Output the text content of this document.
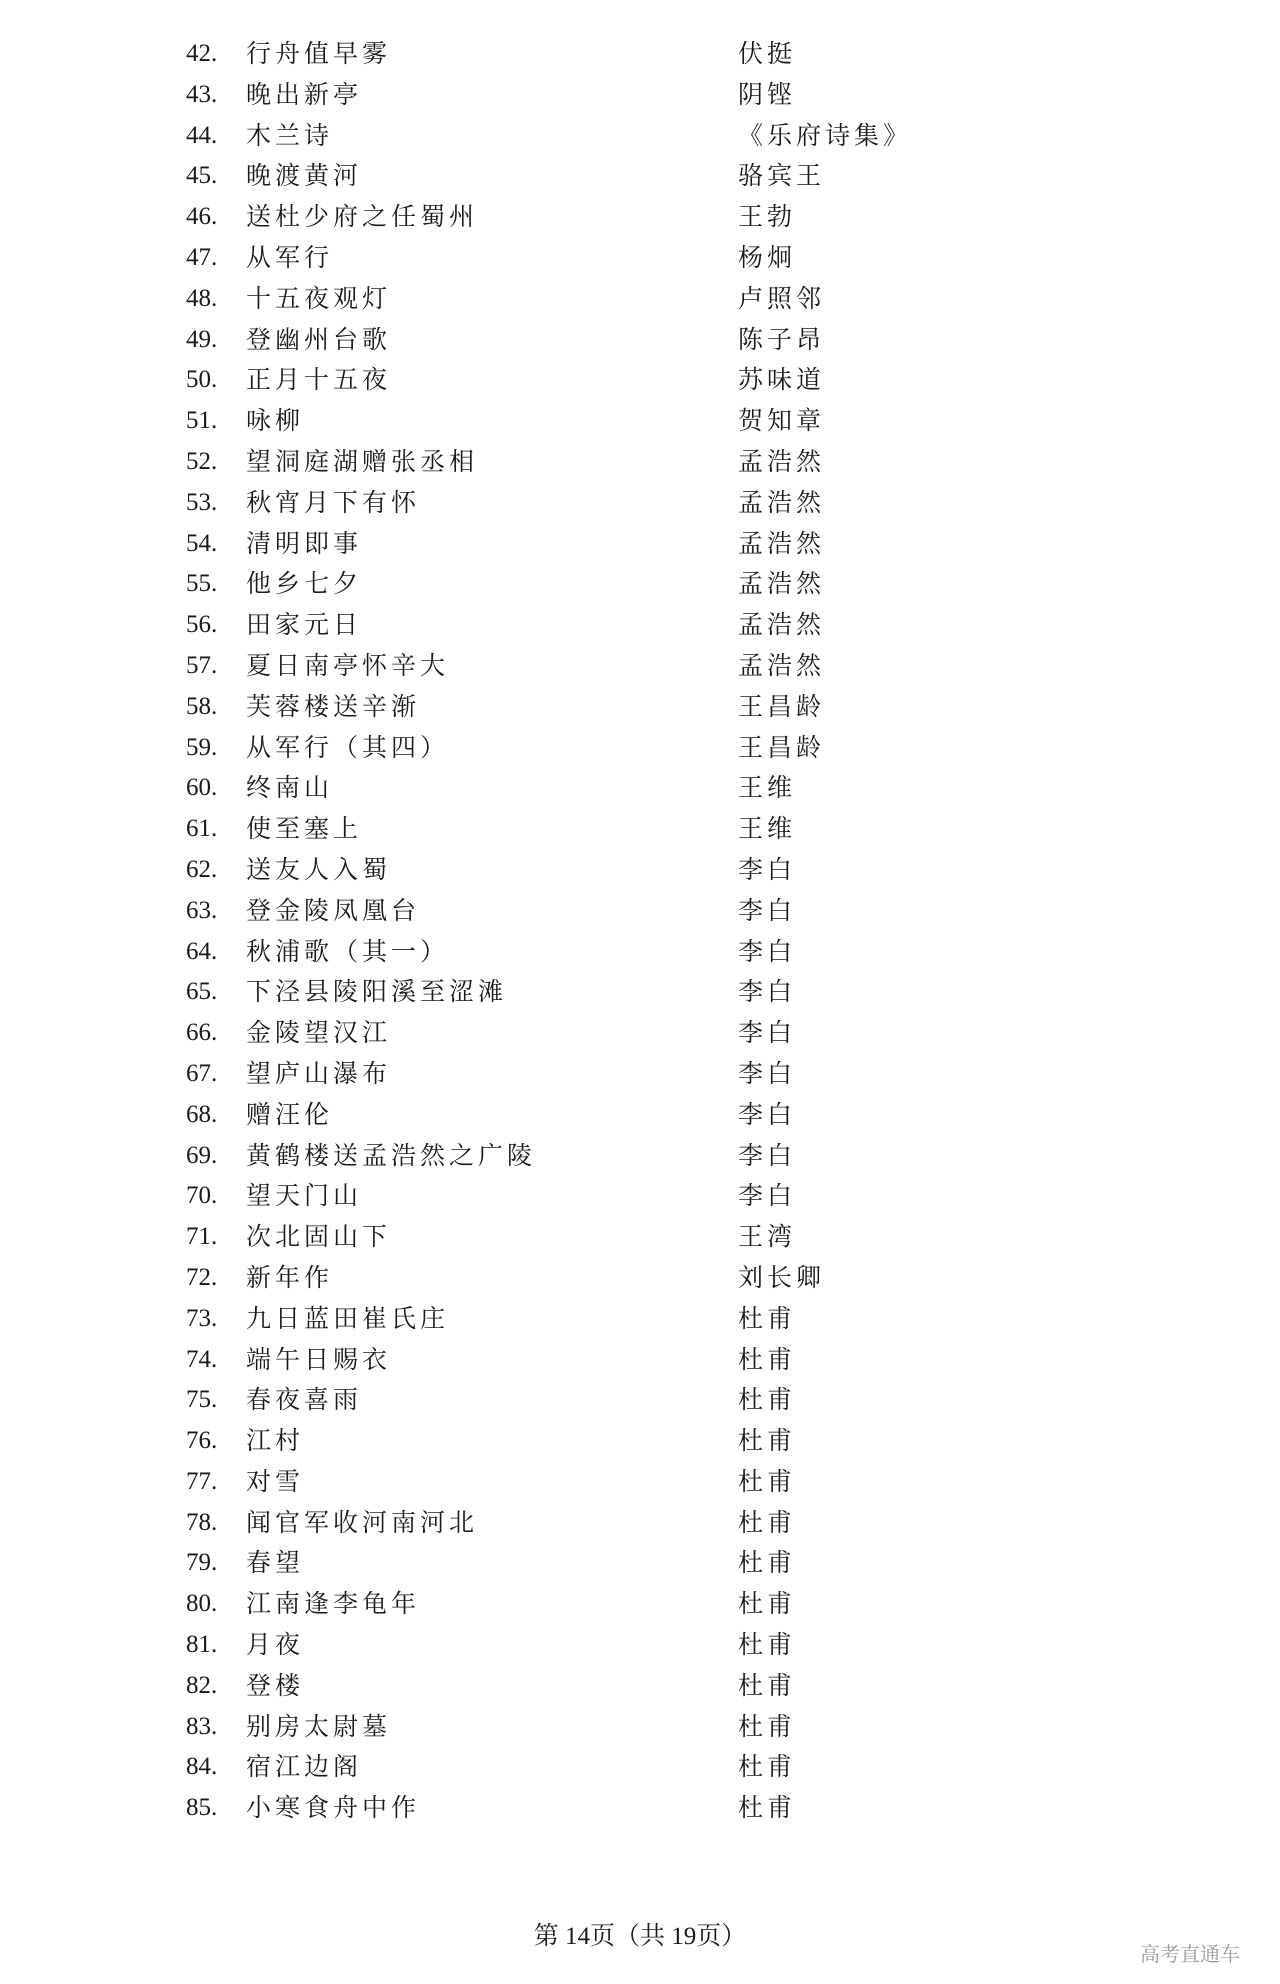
42.	行舟值早雾	伏挺
43.	晚出新亭	阴铿
44.	木兰诗	《乐府诗集》
45.	晚渡黄河	骆宾王
46.	送杜少府之任蜀州	王勃
47.	从军行	杨炯
48.	十五夜观灯	卢照邻
49.	登幽州台歌	陈子昂
50.	正月十五夜	苏味道
51.	咏柳	贺知章
52.	望洞庭湖赠张丞相	孟浩然
53.	秋宵月下有怀	孟浩然
54.	清明即事	孟浩然
55.	他乡七夕	孟浩然
56.	田家元日	孟浩然
57.	夏日南亭怀辛大	孟浩然
58.	芙蓉楼送辛渐	王昌龄
59.	从军行（其四）	王昌龄
60.	终南山	王维
61.	使至塞上	王维
62.	送友人入蜀	李白
63.	登金陵凤凰台	李白
64.	秋浦歌（其一）	李白
65.	下泾县陵阳溪至涩滩	李白
66.	金陵望汉江	李白
67.	望庐山瀑布	李白
68.	赠汪伦	李白
69.	黄鹤楼送孟浩然之广陵	李白
70.	望天门山	李白
71.	次北固山下	王湾
72.	新年作	刘长卿
73.	九日蓝田崔氏庄	杜甫
74.	端午日赐衣	杜甫
75.	春夜喜雨	杜甫
76.	江村	杜甫
77.	对雪	杜甫
78.	闻官军收河南河北	杜甫
79.	春望	杜甫
80.	江南逢李龟年	杜甫
81.	月夜	杜甫
82.	登楼	杜甫
83.	别房太尉墓	杜甫
84.	宿江边阁	杜甫
85.	小寒食舟中作	杜甫
第 14页（共 19页）
高考直通车
